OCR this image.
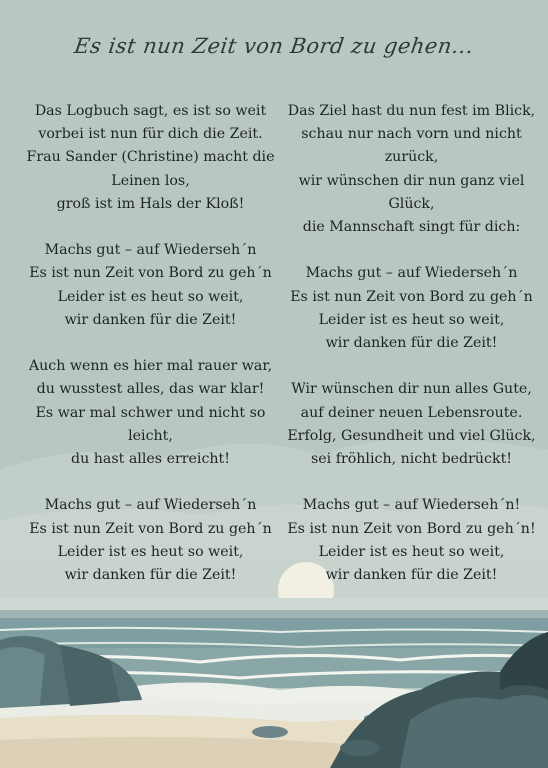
Es ist nun Zeit von Bord zu gehen...
Das Logbuch sagt, es ist so weit
vorbei ist nun für dich die Zeit.
Frau Sander (Christine) macht die
Leinen los,
groß ist im Hals der Kloß!
Machs gut – auf Wiederseh´n
Es ist nun Zeit von Bord zu geh´n
Leider ist es heut so weit,
wir danken für die Zeit!
Auch wenn es hier mal rauer war,
du wusstest alles, das war klar!
Es war mal schwer und nicht so
leicht,
du hast alles erreicht!
Machs gut – auf Wiederseh´n
Es ist nun Zeit von Bord zu geh´n
Leider ist es heut so weit,
wir danken für die Zeit!
Das Ziel hast du nun fest im Blick,
schau nur nach vorn und nicht
zurück,
wir wünschen dir nun ganz viel
Glück,
die Mannschaft singt für dich:
Machs gut – auf Wiederseh´n
Es ist nun Zeit von Bord zu geh´n
Leider ist es heut so weit,
wir danken für die Zeit!
Wir wünschen dir nun alles Gute,
auf deiner neuen Lebensroute.
Erfolg, Gesundheit und viel Glück,
sei fröhlich, nicht bedrückt!
Machs gut – auf Wiederseh´n!
Es ist nun Zeit von Bord zu geh´n!
Leider ist es heut so weit,
wir danken für die Zeit!
